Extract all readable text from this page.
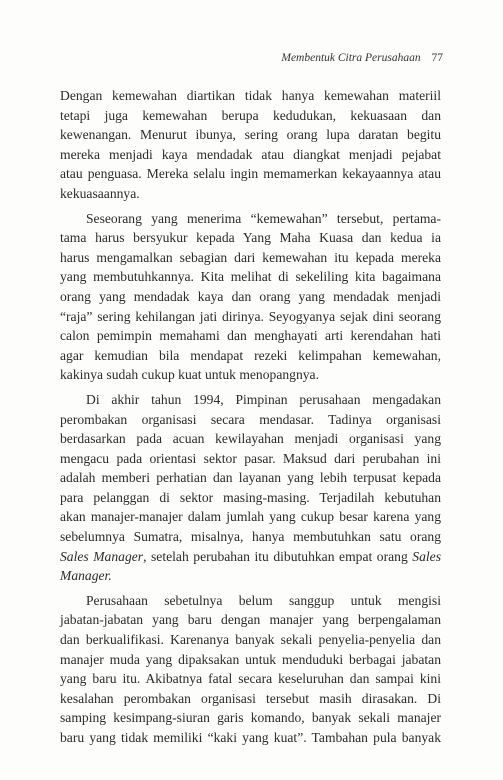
Membentuk Citra Perusahaan 77
Dengan kemewahan diartikan tidak hanya kemewahan materiil
tetapi juga kemewahan berupa kedudukan, kekuasaan dan
kewenangan. Menurut ibunya, sering orang lupa daratan begitu
mereka menjadi kaya mendadak atau diangkat menjadi pejabat
atau penguasa. Mereka selalu ingin memamerkan kekayaannya atau
kekuasaannya.
Seseorang yang menerima “kemewahan” tersebut, pertama-
tama harus bersyukur kepada Yang Maha Kuasa dan kedua ia
harus mengamalkan sebagian dari kemewahan itu kepada mereka
yang membutuhkannya. Kita melihat di sekeliling kita bagaimana
orang yang mendadak kaya dan orang yang mendadak menjadi
“raja” sering kehilangan jati dirinya. Seyogyanya sejak dini seorang
calon pemimpin memahami dan menghayati arti kerendahan hati
agar kemudian bila mendapat rezeki kelimpahan kemewahan,
kakinya sudah cukup kuat untuk menopangnya.
Di akhir tahun 1994, Pimpinan perusahaan mengadakan
perombakan organisasi secara mendasar. Tadinya organisasi
berdasarkan pada acuan kewilayahan menjadi organisasi yang
mengacu pada orientasi sektor pasar. Maksud dari perubahan ini
adalah memberi perhatian dan layanan yang lebih terpusat kepada
para pelanggan di sektor masing-masing. Terjadilah kebutuhan
akan manajer-manajer dalam jumlah yang cukup besar karena yang
sebelumnya Sumatra, misalnya, hanya membutuhkan satu orang
Sales Manager, setelah perubahan itu dibutuhkan empat orang Sales
Manager.
Perusahaan sebetulnya belum sanggup untuk mengisi
jabatan-jabatan yang baru dengan manajer yang berpengalaman
dan berkualifikasi. Karenanya banyak sekali penyelia-penyelia dan
manajer muda yang dipaksakan untuk menduduki berbagai jabatan
yang baru itu. Akibatnya fatal secara keseluruhan dan sampai kini
kesalahan perombakan organisasi tersebut masih dirasakan. Di
samping kesimpang-siuran garis komando, banyak sekali manajer
baru yang tidak memiliki “kaki yang kuat”. Tambahan pula banyak
